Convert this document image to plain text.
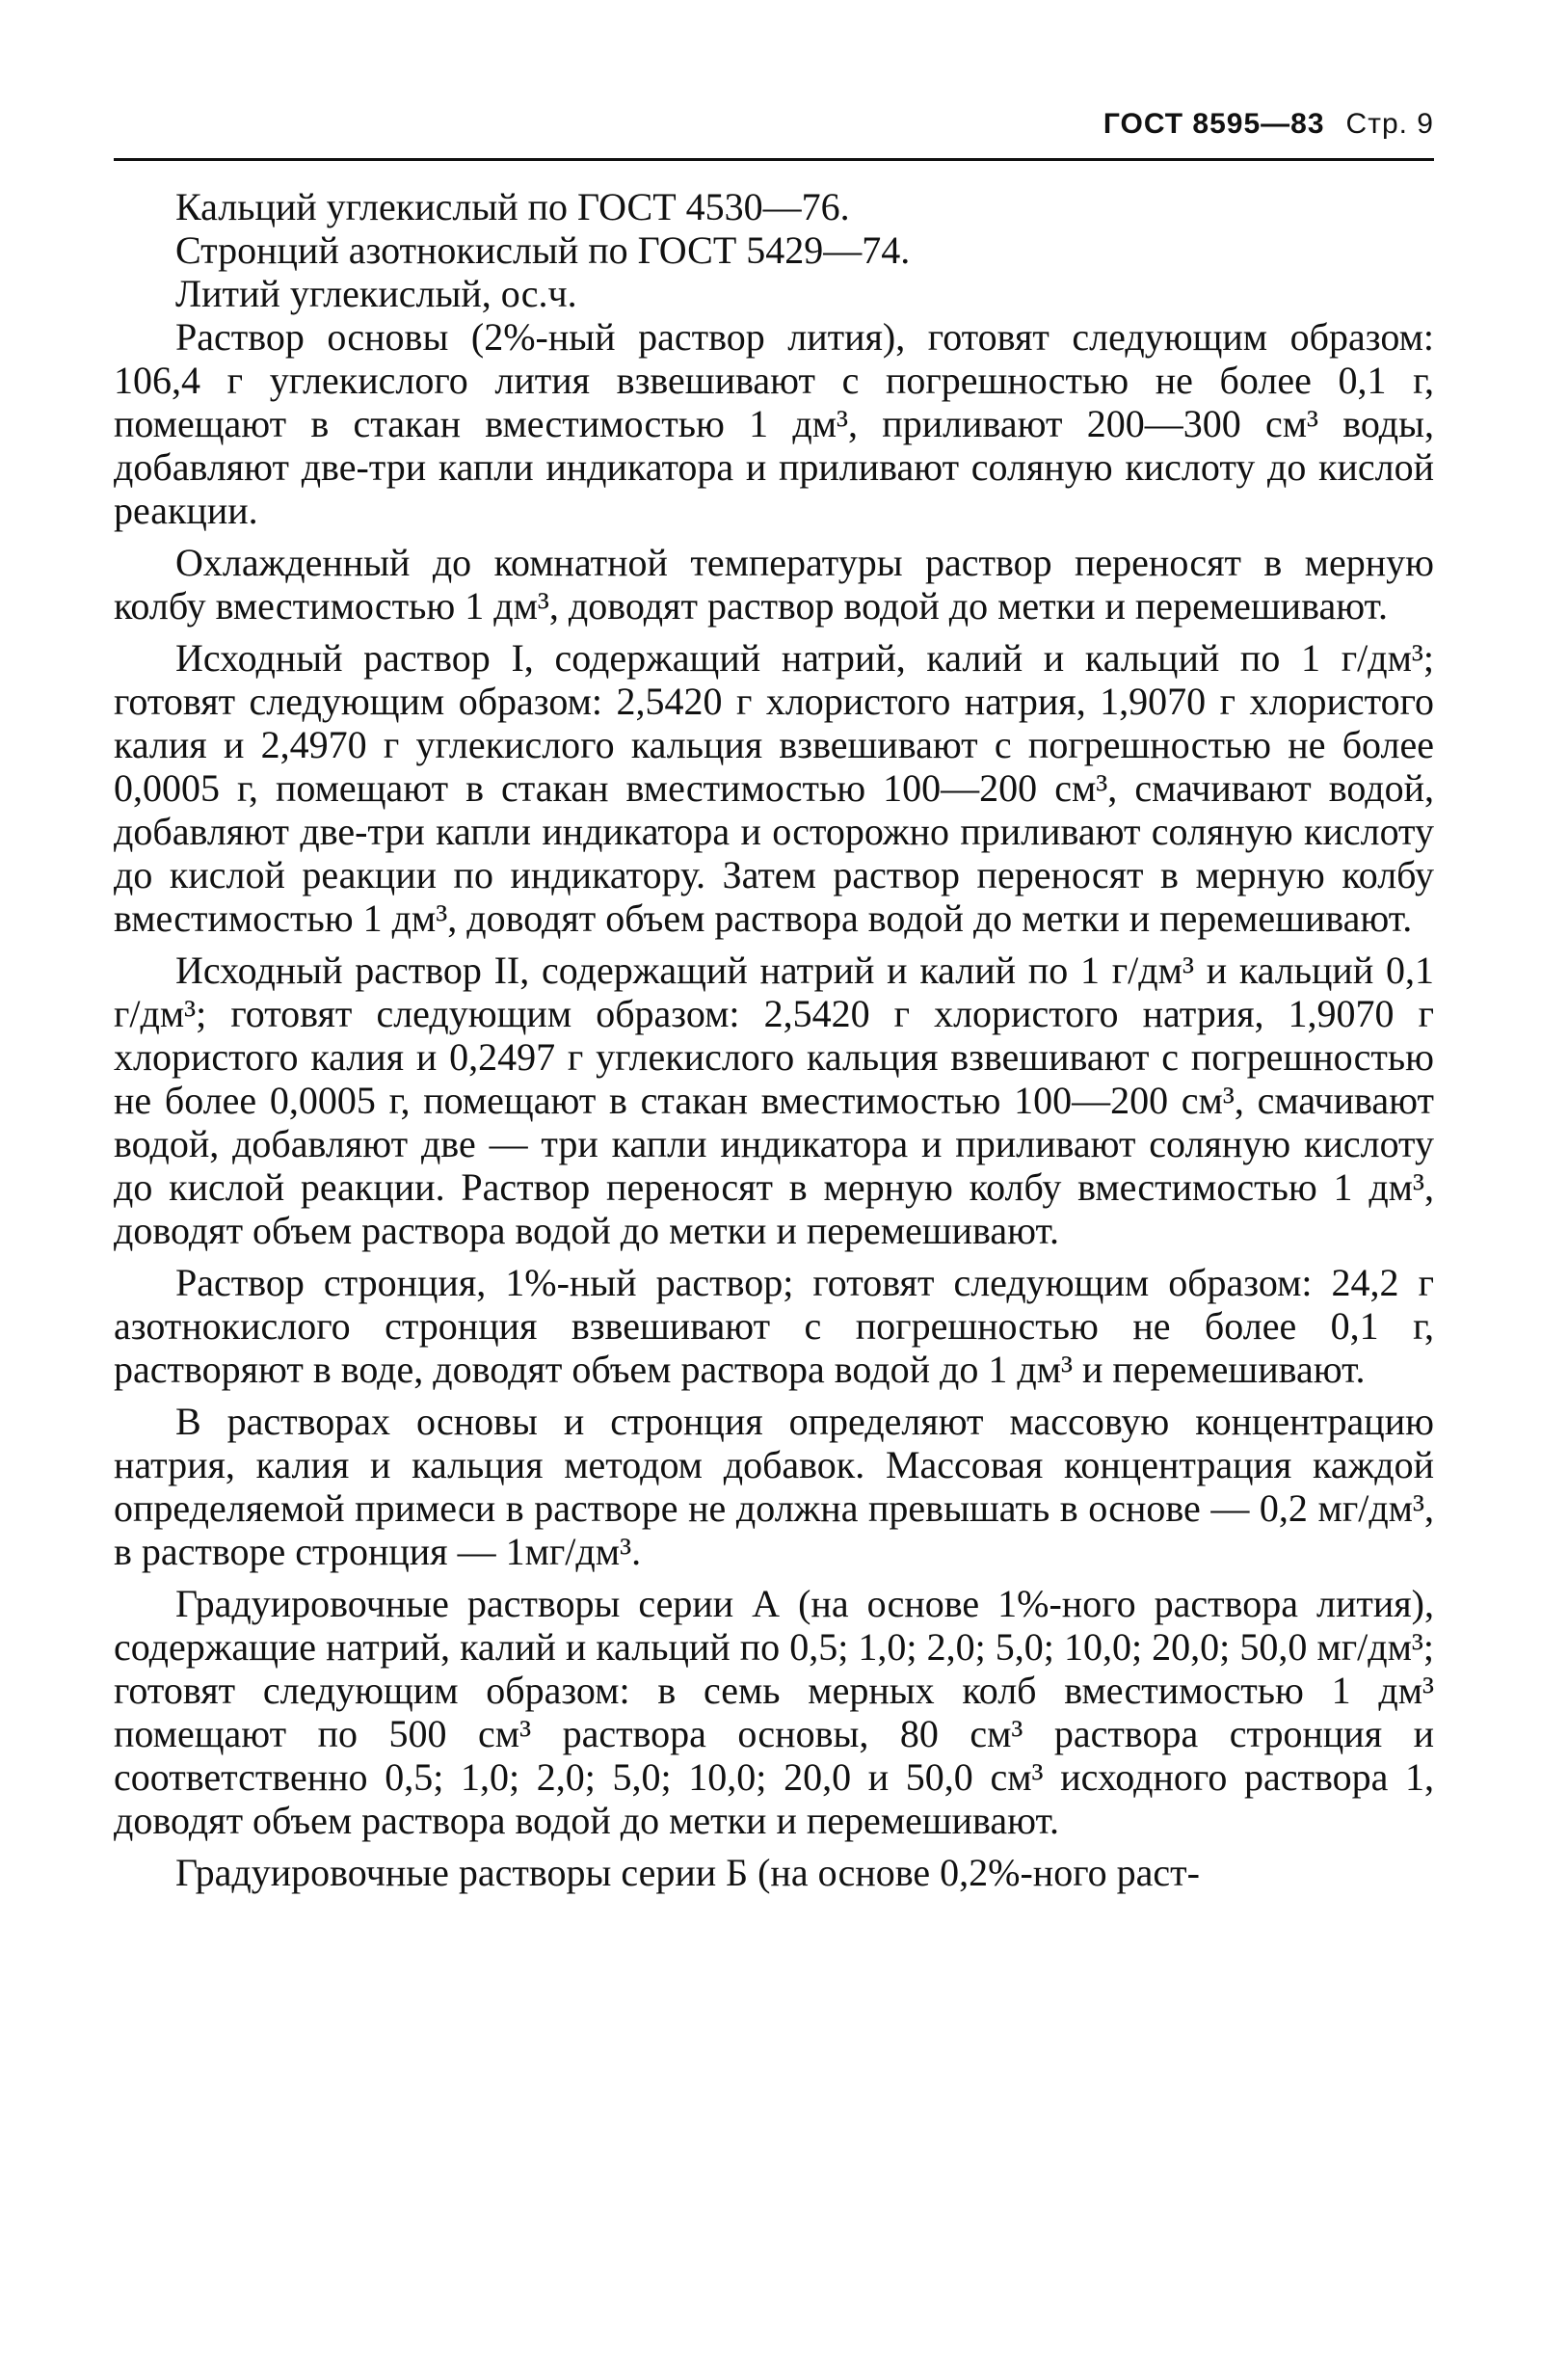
ГОСТ 8595—83 Стр. 9

Кальций углекислый по ГОСТ 4530—76.

Стронций азотнокислый по ГОСТ 5429—74.

Литий углекислый, ос.ч.

Раствор основы (2%-ный раствор лития), готовят следующим образом: 106,4 г углекислого лития взвешивают с погрешностью не более 0,1 г, помещают в стакан вместимостью 1 дм³, приливают 200—300 см³ воды, добавляют две-три капли индикатора и приливают соляную кислоту до кислой реакции.

Охлажденный до комнатной температуры раствор переносят в мерную колбу вместимостью 1 дм³, доводят раствор водой до метки и перемешивают.

Исходный раствор I, содержащий натрий, калий и кальций по 1 г/дм³; готовят следующим образом: 2,5420 г хлористого натрия, 1,9070 г хлористого калия и 2,4970 г углекислого кальция взвешивают с погрешностью не более 0,0005 г, помещают в стакан вместимостью 100—200 см³, смачивают водой, добавляют две-три капли индикатора и осторожно приливают соляную кислоту до кислой реакции по индикатору. Затем раствор переносят в мерную колбу вместимостью 1 дм³, доводят объем раствора водой до метки и перемешивают.

Исходный раствор II, содержащий натрий и калий по 1 г/дм³ и кальций 0,1 г/дм³; готовят следующим образом: 2,5420 г хлористого натрия, 1,9070 г хлористого калия и 0,2497 г углекислого кальция взвешивают с погрешностью не более 0,0005 г, помещают в стакан вместимостью 100—200 см³, смачивают водой, добавляют две — три капли индикатора и приливают соляную кислоту до кислой реакции. Раствор переносят в мерную колбу вместимостью 1 дм³, доводят объем раствора водой до метки и перемешивают.

Раствор стронция, 1%-ный раствор; готовят следующим образом: 24,2 г азотнокислого стронция взвешивают с погрешностью не более 0,1 г, растворяют в воде, доводят объем раствора водой до 1 дм³ и перемешивают.

В растворах основы и стронция определяют массовую концентрацию натрия, калия и кальция методом добавок. Массовая концентрация каждой определяемой примеси в растворе не должна превышать в основе — 0,2 мг/дм³, в растворе стронция — 1мг/дм³.

Градуировочные растворы серии А (на основе 1%-ного раствора лития), содержащие натрий, калий и кальций по 0,5; 1,0; 2,0; 5,0; 10,0; 20,0; 50,0 мг/дм³; готовят следующим образом: в семь мерных колб вместимостью 1 дм³ помещают по 500 см³ раствора основы, 80 см³ раствора стронция и соответственно 0,5; 1,0; 2,0; 5,0; 10,0; 20,0 и 50,0 см³ исходного раствора 1, доводят объем раствора водой до метки и перемешивают.

Градуировочные растворы серии Б (на основе 0,2%-ного раст-
